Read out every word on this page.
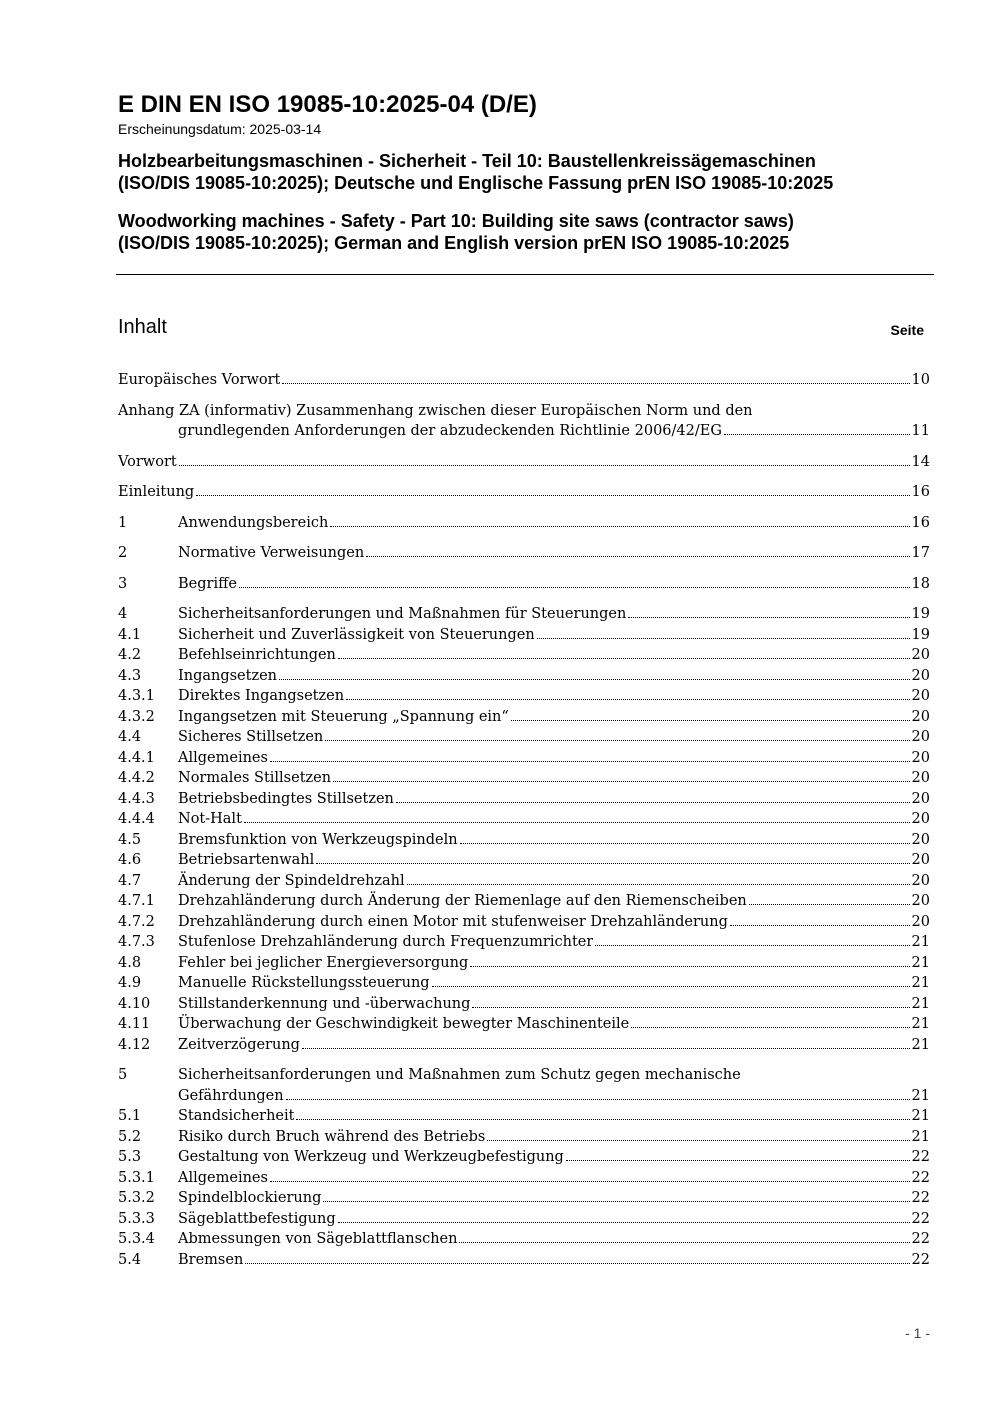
E DIN EN ISO 19085-10:2025-04 (D/E)

Erscheinungsdatum: 2025-03-14

Holzbearbeitungsmaschinen - Sicherheit - Teil 10: Baustellenkreissägemaschinen
(ISO/DIS 19085-10:2025); Deutsche und Englische Fassung prEN ISO 19085-10:2025
Woodworking machines - Safety - Part 10: Building site saws (contractor saws)
(ISO/DIS 19085-10:2025); German and English version prEN ISO 19085-10:2025
Inhalt	Seite
Europäisches Vorwort	10
Anhang ZA (informativ) Zusammenhang zwischen dieser Europäischen Norm und den
grundlegenden Anforderungen der abzudeckenden Richtlinie 2006/42/EG	11
Vorwort	14
Einleitung	16
1	Anwendungsbereich	16
2	Normative Verweisungen	17
3	Begriffe	18
4	Sicherheitsanforderungen und Maßnahmen für Steuerungen	19
4.1	Sicherheit und Zuverlässigkeit von Steuerungen	19
4.2	Befehlseinrichtungen	20
4.3	Ingangsetzen	20
4.3.1	Direktes Ingangsetzen	20
4.3.2	Ingangsetzen mit Steuerung „Spannung ein“	20
4.4	Sicheres Stillsetzen	20
4.4.1	Allgemeines	20
4.4.2	Normales Stillsetzen	20
4.4.3	Betriebsbedingtes Stillsetzen	20
4.4.4	Not-Halt	20
4.5	Bremsfunktion von Werkzeugspindeln	20
4.6	Betriebsartenwahl	20
4.7	Änderung der Spindeldrehzahl	20
4.7.1	Drehzahländerung durch Änderung der Riemenlage auf den Riemenscheiben	20
4.7.2	Drehzahländerung durch einen Motor mit stufenweiser Drehzahländerung	20
4.7.3	Stufenlose Drehzahländerung durch Frequenzumrichter	21
4.8	Fehler bei jeglicher Energieversorgung	21
4.9	Manuelle Rückstellungssteuerung	21
4.10	Stillstanderkennung und -überwachung	21
4.11	Überwachung der Geschwindigkeit bewegter Maschinenteile	21
4.12	Zeitverzögerung	21
5	Sicherheitsanforderungen und Maßnahmen zum Schutz gegen mechanische
Gefährdungen	21
5.1	Standsicherheit	21
5.2	Risiko durch Bruch während des Betriebs	21
5.3	Gestaltung von Werkzeug und Werkzeugbefestigung	22
5.3.1	Allgemeines	22
5.3.2	Spindelblockierung	22
5.3.3	Sägeblattbefestigung	22
5.3.4	Abmessungen von Sägeblattflanschen	22
5.4	Bremsen	22
- 1 -
